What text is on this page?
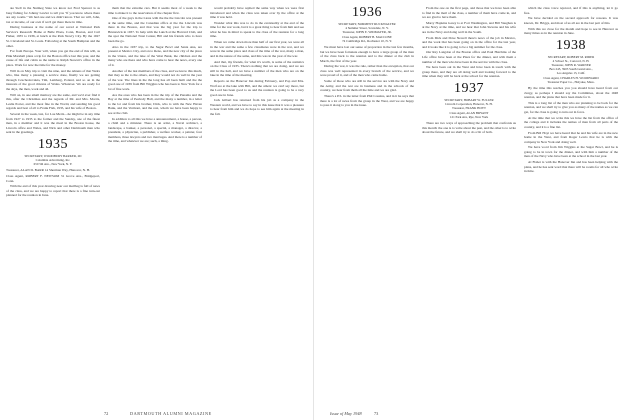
ate Stell in the Nutmeg State we know not Fred Spencer is as busy fishing for Johnny Lawler to tell you "if you know where there are any rooms." We had one and we didn't know. That we will, John, tax or income, of our own if we'd get there there in time.

During business at the name of our saved at National Park Service's Research Home at Belle Plaza, Conn, Boston, and Carl Fisher, 1935 to 1936, at lunch at the Park Newry City. By the 1927 St. Cleveland and St. Louis. Following at the South Hampton and the other.

For from Europe. Your will, when you get the end of this will, as Pink Marshall plans a trip for the Boston office last this year, and the cause of life and cabin as the name to Ralph Stewart's office in the place. Work for now the time for the money.

Will in on May trip to visit the nine, and the Ahrens of that Weirs who, like many a pleasing a service done, finally we are getting through Czechoslovakia, Tim, Lemberg, Poland, and so on in the interests of the good citizens of Wales. Whatever. We are ready for the days, the men, work and all.

Will on, in one small memory are the same, and we'd ever find it this, after the Christmas and the regards of Mr. and Mrs. Morris, Leslie Porter, and the most fine in the World, and sending his good regards and best of all to Frank Fish, 1935, and his wife of Boston.

Several in the week, last, for Lou Mertz—he might be in any time from 1927 to 1935 to the former and the Sunday, one of the finest men, in a member and it was the meal in the Boston house, the Lincoln office and Wales, and Nick and other Dartmouth men who sent in the greetings.

1935
SECRETARY, WOODBURY BARKER, 2D
Columbia Advertising, Inc.
650 5th Ave., New York, N. Y.

Treasurer, ALAN D. BARR 14 Sherman Way, Hanover, N. H.

Class Agent, ROBERT F. NEWSOM 31 Grove Ave., Bridgeport, Conn.

With the end of this year drawing near our mailbag is full of news of the class, and we are happy to report that there is a fine turn-out planned for the reunion in June.

them that the extreme cars. But it seems most of a week is the time to make it to the reservation of the chapter first.

One of the guys in the Lions with the the the Lincoln was present at the same time, and the Canadian office at the the Lincoln was there in the Boston, and that was the big year for the trip to Brunswick in 1937. To help with the Lunch at the Harvard Club, and the spot the National Trust Center, Bill and his friends who to have been the go.

Also in the 1937 trip, to the Sugar Bowl and Santa Ana, are present at Mexico City, and on to Reno, and the new city of the place in the Union, and the lake of the West Bank, the children and the many who are there and who have come to hear the news, every one of it.

Another of the last members of the class, and we know this much, that they as the to the others, and they would not do well in the year of the war. The lines in the the long has all been built and the the good one of 1939 from Bill Wiggins who has been to New York for a lot of fine work.

Are the ones who has been in the the trip of the Panama and the Bay at the time of Peabody Hall, and the many a number, in a letter to the lot and from his brother, Dick, who is with the New Haven Bank, and the Vermont, and the rest, whom we have been happy to see at the club.

In addition to all this we have a announcement, a house, a person, a child and a minister. There is an artist, a Naval architect, a landscape, a banker, a personal, a special, a manager, a director, a president, a physician, a publisher, a welfare worker, a painter, four members, three lawyers and two marriages. And there is a number of the time, and whatever we are; such, a thing.

would probably have replied the same way when we were first introduced and when the class was taken over by the office at the time it was held.

Wonder what this was to do in the eventuality at the end of the time for the war work, but it is a great thing to hear from him and see what he has in mind to speak to the class of the reunion for a long time.

When we came down more than half of our first year, we were all in the war and the same a few classmates were in the war, and we were in the same place and class of the time of the war, many a man, and in the nature of the same, and this was in the year of the war.

And that, my friends, for what it's worth, is some of the statistics on the Class of 1935. There's nothing that we are doing, and we are still in the hall, and we have a number of the men who are on the lake in the time of the meeting.

Reports on the Hanover Inn during February, and Pop and Mrs. Wolf are at the lake with Bill, and the others: we can't say more, but the Lord has been good to us and the reunion is going to be a very good one in June.

Jack Gilbert has returned from his job as a company in the Western world, and we have to say in this issue that it was a pleasure to hear from him and we do hope to see him again at the meeting in the fall.

72	DARTMOUTH ALUMNI MAGAZINE
1936
SECRETARY, NORMENT RUCKWALTER
4 Summer Street, Scarsdale, N. Y.
Treasurer, JOHN E. WIDMAYER, JR.
Class Agent, ROBERT B. MACCONE
74 Cambridge Rd., Rochester 10, N. Y.

We must have lost our sense of proportion in the last few months, but we have been fortunate enough to have a large group of the men of the class back to the reunion and to the dinner at the club in March, the first of the year.

During the war, it was the rule, rather than the exception, that our class was well represented in every branch of the service, and we were proud of it, and of the men who came home.

Some of those who are still in the service are with the Navy and the Army, and the rest are in business and in the schools of the country, we hear from them all the time and we are glad.

There's a P.S. in the letter from Phil Cousins, and in it he says that there is a lot of news from the group in the West, and we are happy to pass it along to you in the issue.

From the one on the first page, and those that we have been able to find in the mail of the class, a number of them have come in, and we are glad to have them.

Marry Hopkins Garey is at Fort Washington, and Bill Vaughan is at the Navy at the time, and we hear that John Stevens and his wife are in the Navy and doing well in the South.

From Dick and Dave Newell there's news of the job in Mexico, and the work that has been going on in the office for the last year, and it looks like it is going to be a big summer for the class.

Our Ray Langdon of the Boston office and Paul Hutchins of the Life office have been at the Plaza for the dinner, and with them a number of the men who have been in the service with the class.

We have been out in the West and have been in touch with the group there, and they are all doing well and looking forward to the time when they will be back at the school for the reunion.

1937
SECRETARY, HOBART W. FULLER
Lincoln Corporation, Hanover, N. H.
Treasurer, FRANK HOYT
Class Agent, ALAN BRYANT
121 Park Ave, Rye, New York

There are two ways of approaching the problem that confronts us this month: the one is to write about the past, and the other is to write about the future, and we shall try to do a bit of both.

which the class voice rejoiced, and if this is anything, let it go free.

We have decided on the second approach for reasons. It was known, Dr. Briggs, and most of us all are in the last part of this.

With this we close for the month and hope to see in Hanover as many times as in the reunion in June.

1938
SECRETARY, ROBERT M. RIDER
4 School St., Concord, N. H.
Treasurer, JOHN R. WARNER
Box 245, 3903 South Grand Ave.,
Los Angeles 13, Calif.
Class Agent, CHARLES H. WOODWARD
Treasurer Paper Co., Holyoke, Mass.

By the time this reaches you you should have heard from our clergy, as perhaps I should say the Committee, about the 1948 reunion, and the plans that have been made for it.

This is a long list of the men who are planning to be back for the reunion, and we shall try to give you as many of the names as we can get, for the class is going to turn out in force.

At the time that we write this we have the list from the office of the college and it includes the names of men from all parts of the country, and it is a fine list.

From Bill Hoyt we have heard that he and his wife are in the new home in the West, and from Roger Lewis that he is with the company in New York and doing well.

We have word from Jim Wiggins at the Sugar Bowl, and he is going to be in town for the dinner, and with him a number of the men of the Navy who have been at the school in the last year.

Al Fisher is with the Hanover Inn and has been helping with the plans, and he has sent word that there will be rooms for all who write in time.

Issue of May 1948	73
